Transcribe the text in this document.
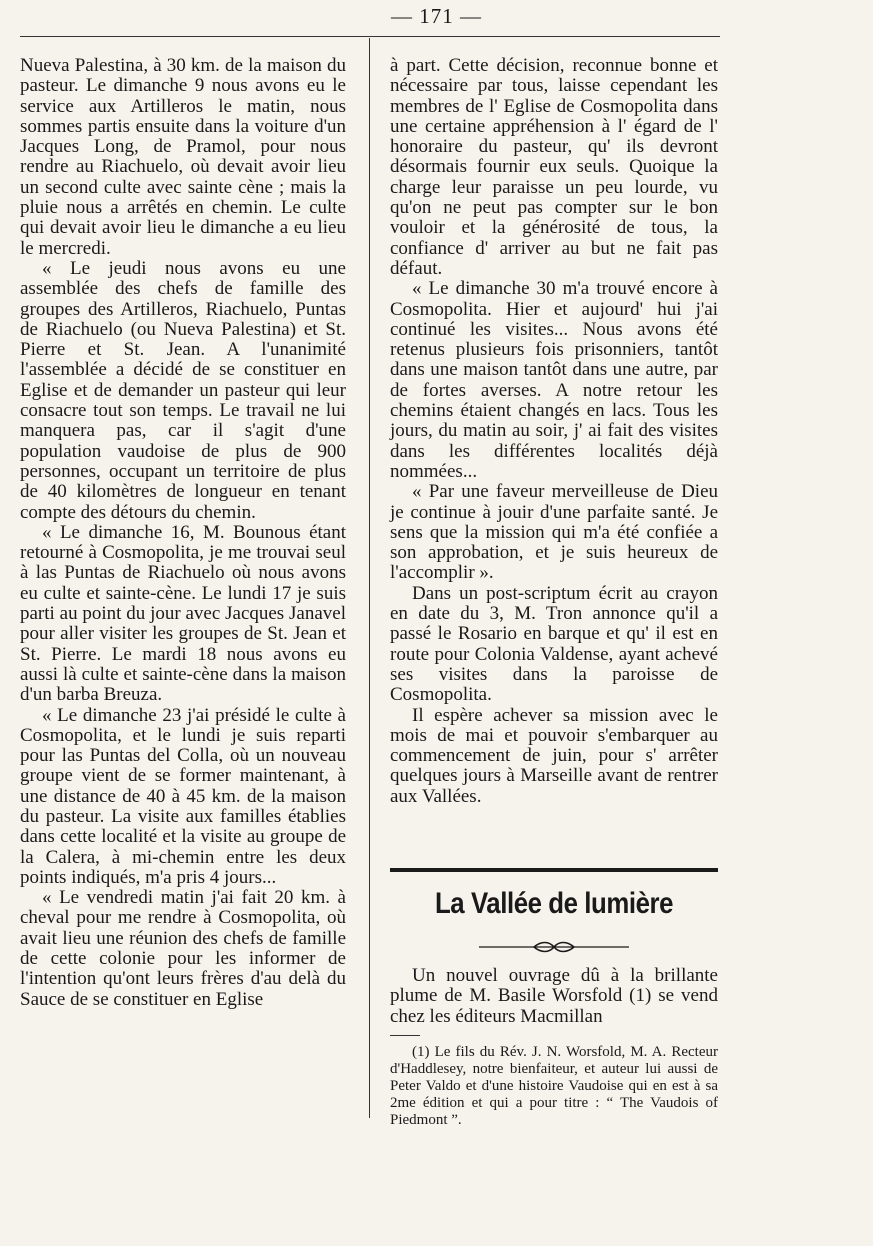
— 171 —

Nueva Palestina, à 30 km. de la maison du pasteur. Le dimanche 9 nous avons eu le service aux Artilleros le matin, nous sommes partis ensuite dans la voiture d'un Jacques Long, de Pramol, pour nous rendre au Riachuelo, où devait avoir lieu un second culte avec sainte cène ; mais la pluie nous a arrêtés en chemin. Le culte qui devait avoir lieu le dimanche a eu lieu le mercredi.

« Le jeudi nous avons eu une assemblée des chefs de famille des groupes des Artilleros, Riachuelo, Puntas de Riachuelo (ou Nueva Palestina) et St. Pierre et St. Jean. A l'unanimité l'assemblée a décidé de se constituer en Eglise et de demander un pasteur qui leur consacre tout son temps. Le travail ne lui manquera pas, car il s'agit d'une population vaudoise de plus de 900 personnes, occupant un territoire de plus de 40 kilomètres de longueur en tenant compte des détours du chemin.

« Le dimanche 16, M. Bounous étant retourné à Cosmopolita, je me trouvai seul à las Puntas de Riachuelo où nous avons eu culte et sainte-cène. Le lundi 17 je suis parti au point du jour avec Jacques Janavel pour aller visiter les groupes de St. Jean et St. Pierre. Le mardi 18 nous avons eu aussi là culte et sainte-cène dans la maison d'un barba Breuza.

« Le dimanche 23 j'ai présidé le culte à Cosmopolita, et le lundi je suis reparti pour las Puntas del Colla, où un nouveau groupe vient de se former maintenant, à une distance de 40 à 45 km. de la maison du pasteur. La visite aux familles établies dans cette localité et la visite au groupe de la Calera, à mi-chemin entre les deux points indiqués, m'a pris 4 jours...

« Le vendredi matin j'ai fait 20 km. à cheval pour me rendre à Cosmopolita, où avait lieu une réunion des chefs de famille de cette colonie pour les informer de l'intention qu'ont leurs frères d'au delà du Sauce de se constituer en Eglise

à part. Cette décision, reconnue bonne et nécessaire par tous, laisse cependant les membres de l' Eglise de Cosmopolita dans une certaine appréhension à l' égard de l' honoraire du pasteur, qu' ils devront désormais fournir eux seuls. Quoique la charge leur paraisse un peu lourde, vu qu'on ne peut pas compter sur le bon vouloir et la générosité de tous, la confiance d' arriver au but ne fait pas défaut.

« Le dimanche 30 m'a trouvé encore à Cosmopolita. Hier et aujourd' hui j'ai continué les visites... Nous avons été retenus plusieurs fois prisonniers, tantôt dans une maison tantôt dans une autre, par de fortes averses. A notre retour les chemins étaient changés en lacs. Tous les jours, du matin au soir, j' ai fait des visites dans les différentes localités déjà nommées...

« Par une faveur merveilleuse de Dieu je continue à jouir d'une parfaite santé. Je sens que la mission qui m'a été confiée a son approbation, et je suis heureux de l'accomplir ».

Dans un post-scriptum écrit au crayon en date du 3, M. Tron annonce qu'il a passé le Rosario en barque et qu' il est en route pour Colonia Valdense, ayant achevé ses visites dans la paroisse de Cosmopolita.

Il espère achever sa mission avec le mois de mai et pouvoir s'embarquer au commencement de juin, pour s' arrêter quelques jours à Marseille avant de rentrer aux Vallées.

La Vallée de lumière

Un nouvel ouvrage dû à la brillante plume de M. Basile Worsfold (1) se vend chez les éditeurs Macmillan

(1) Le fils du Rév. J. N. Worsfold, M. A. Recteur d'Haddlesey, notre bienfaiteur, et auteur lui aussi de Peter Valdo et d'une histoire Vaudoise qui en est à sa 2me édition et qui a pour titre : “ The Vaudois of Piedmont ”.
